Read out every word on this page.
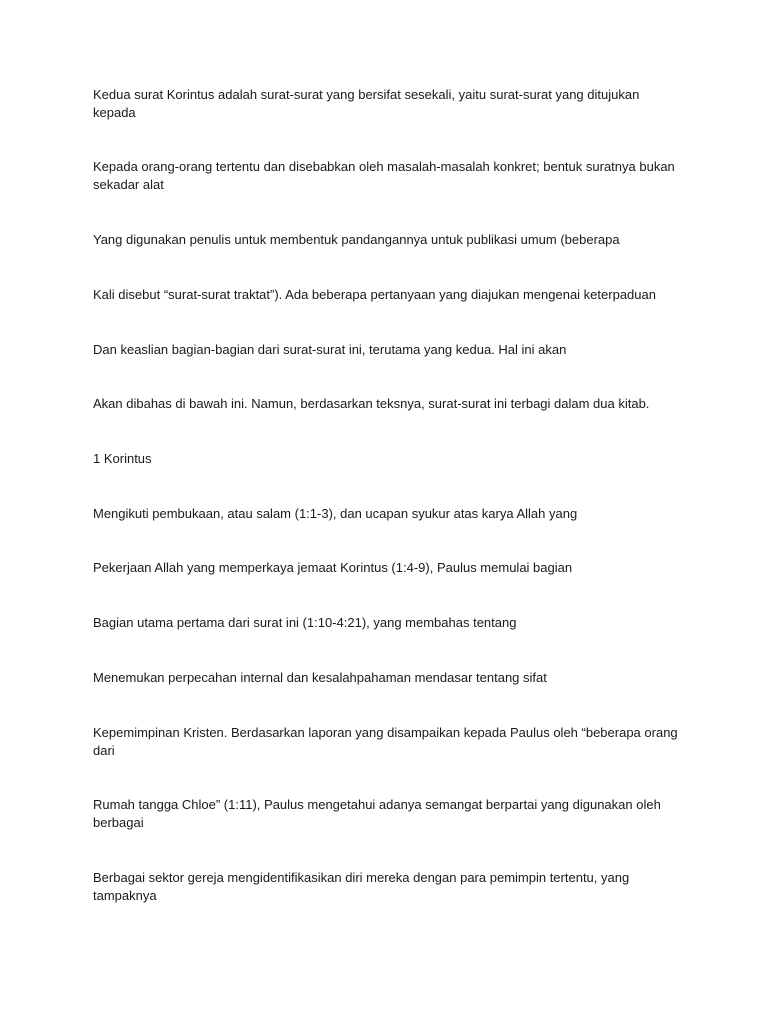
Kedua surat Korintus adalah surat-surat yang bersifat sesekali, yaitu surat-surat yang ditujukan kepada

Kepada orang-orang tertentu dan disebabkan oleh masalah-masalah konkret; bentuk suratnya bukan sekadar alat

Yang digunakan penulis untuk membentuk pandangannya untuk publikasi umum (beberapa

Kali disebut “surat-surat traktat”). Ada beberapa pertanyaan yang diajukan mengenai keterpaduan

Dan keaslian bagian-bagian dari surat-surat ini, terutama yang kedua. Hal ini akan

Akan dibahas di bawah ini. Namun, berdasarkan teksnya, surat-surat ini terbagi dalam dua kitab.

1 Korintus

Mengikuti pembukaan, atau salam (1:1-3), dan ucapan syukur atas karya Allah yang

Pekerjaan Allah yang memperkaya jemaat Korintus (1:4-9), Paulus memulai bagian

Bagian utama pertama dari surat ini (1:10-4:21), yang membahas tentang

Menemukan perpecahan internal dan kesalahpahaman mendasar tentang sifat

Kepemimpinan Kristen. Berdasarkan laporan yang disampaikan kepada Paulus oleh “beberapa orang dari

Rumah tangga Chloe” (1:11), Paulus mengetahui adanya semangat berpartai yang digunakan oleh berbagai

Berbagai sektor gereja mengidentifikasikan diri mereka dengan para pemimpin tertentu, yang tampaknya
